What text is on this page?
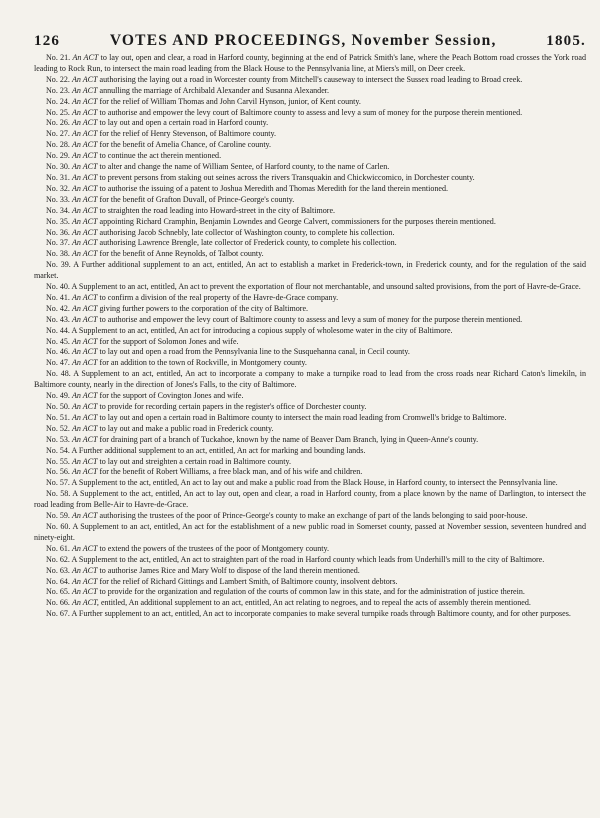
126	VOTES AND PROCEEDINGS, November Session,	1805.

No. 21. An ACT to lay out, open and clear, a road in Harford county, beginning at the end of Patrick Smith's lane, where the Peach Bottom road crosses the York road leading to Rock Run, to intersect the main road leading from the Black House to the Pennsylvania line, at Miers's mill, on Deer creek.

No. 22. An ACT authorising the laying out a road in Worcester county from Mitchell's causeway to intersect the Sussex road leading to Broad creek.

No. 23. An ACT annulling the marriage of Archibald Alexander and Susanna Alexander.

No. 24. An ACT for the relief of William Thomas and John Carvil Hynson, junior, of Kent county.

No. 25. An ACT to authorise and empower the levy court of Baltimore county to assess and levy a sum of money for the purpose therein mentioned.

No. 26. An ACT to lay out and open a certain road in Harford county.

No. 27. An ACT for the relief of Henry Stevenson, of Baltimore county.

No. 28. An ACT for the benefit of Amelia Chance, of Caroline county.

No. 29. An ACT to continue the act therein mentioned.

No. 30. An ACT to alter and change the name of William Sentee, of Harford county, to the name of Carlen.

No. 31. An ACT to prevent persons from staking out seines across the rivers Transquakin and Chickwiccomico, in Dorchester county.

No. 32. An ACT to authorise the issuing of a patent to Joshua Meredith and Thomas Meredith for the land therein mentioned.

No. 33. An ACT for the benefit of Grafton Duvall, of Prince-George's county.

No. 34. An ACT to straighten the road leading into Howard-street in the city of Baltimore.

No. 35. An ACT appointing Richard Cramphin, Benjamin Lowndes and George Calvert, commissioners for the purposes therein mentioned.

No. 36. An ACT authorising Jacob Schnebly, late collector of Washington county, to complete his collection.

No. 37. An ACT authorising Lawrence Brengle, late collector of Frederick county, to complete his collection.

No. 38. An ACT for the benefit of Anne Reynolds, of Talbot county.

No. 39. A Further additional supplement to an act, entitled, An act to establish a market in Frederick-town, in Frederick county, and for the regulation of the said market.

No. 40. A Supplement to an act, entitled, An act to prevent the exportation of flour not merchantable, and unsound salted provisions, from the port of Havre-de-Grace.

No. 41. An ACT to confirm a division of the real property of the Havre-de-Grace company.

No. 42. An ACT giving further powers to the corporation of the city of Baltimore.

No. 43. An ACT to authorise and empower the levy court of Baltimore county to assess and levy a sum of money for the purpose therein mentioned.

No. 44. A Supplement to an act, entitled, An act for introducing a copious supply of wholesome water in the city of Baltimore.

No. 45. An ACT for the support of Solomon Jones and wife.

No. 46. An ACT to lay out and open a road from the Pennsylvania line to the Susquehanna canal, in Cecil county.

No. 47. An ACT for an addition to the town of Rockville, in Montgomery county.

No. 48. A Supplement to an act, entitled, An act to incorporate a company to make a turnpike road to lead from the cross roads near Richard Caton's limekiln, in Baltimore county, nearly in the direction of Jones's Falls, to the city of Baltimore.

No. 49. An ACT for the support of Covington Jones and wife.

No. 50. An ACT to provide for recording certain papers in the register's office of Dorchester county.

No. 51. An ACT to lay out and open a certain road in Baltimore county to intersect the main road leading from Cromwell's bridge to Baltimore.

No. 52. An ACT to lay out and make a public road in Frederick county.

No. 53. An ACT for draining part of a branch of Tuckahoe, known by the name of Beaver Dam Branch, lying in Queen-Anne's county.

No. 54. A Further additional supplement to an act, entitled, An act for marking and bounding lands.

No. 55. An ACT to lay out and streighten a certain road in Baltimore county.

No. 56. An ACT for the benefit of Robert Williams, a free black man, and of his wife and children.

No. 57. A Supplement to the act, entitled, An act to lay out and make a public road from the Black House, in Harford county, to intersect the Pennsylvania line.

No. 58. A Supplement to the act, entitled, An act to lay out, open and clear, a road in Harford county, from a place known by the name of Darlington, to intersect the road leading from Belle-Air to Havre-de-Grace.

No. 59. An ACT authorising the trustees of the poor of Prince-George's county to make an exchange of part of the lands belonging to said poor-house.

No. 60. A Supplement to an act, entitled, An act for the establishment of a new public road in Somerset county, passed at November session, seventeen hundred and ninety-eight.

No. 61. An ACT to extend the powers of the trustees of the poor of Montgomery county.

No. 62. A Supplement to the act, entitled, An act to straighten part of the road in Harford county which leads from Underhill's mill to the city of Baltimore.

No. 63. An ACT to authorise James Rice and Mary Wolf to dispose of the land therein mentioned.

No. 64. An ACT for the relief of Richard Gittings and Lambert Smith, of Baltimore county, insolvent debtors.

No. 65. An ACT to provide for the organization and regulation of the courts of common law in this state, and for the administration of justice therein.

No. 66. An ACT, entitled, An additional supplement to an act, entitled, An act relating to negroes, and to repeal the acts of assembly therein mentioned.

No. 67. A Further supplement to an act, entitled, An act to incorporate companies to make several turnpike roads through Baltimore county, and for other purposes.
